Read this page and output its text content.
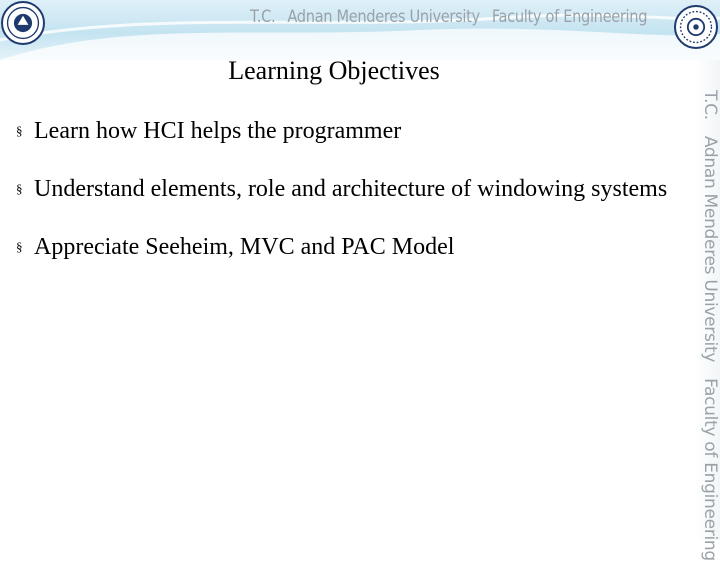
T.C. Adnan Menderes University Faculty of Engineering
T.C.
Adnan Menderes University
Faculty of Engineering
Learning Objectives
§ Learn how HCI helps the programmer
§ Understand elements, role and architecture of windowing systems
§ Appreciate Seeheim, MVC and PAC Model
